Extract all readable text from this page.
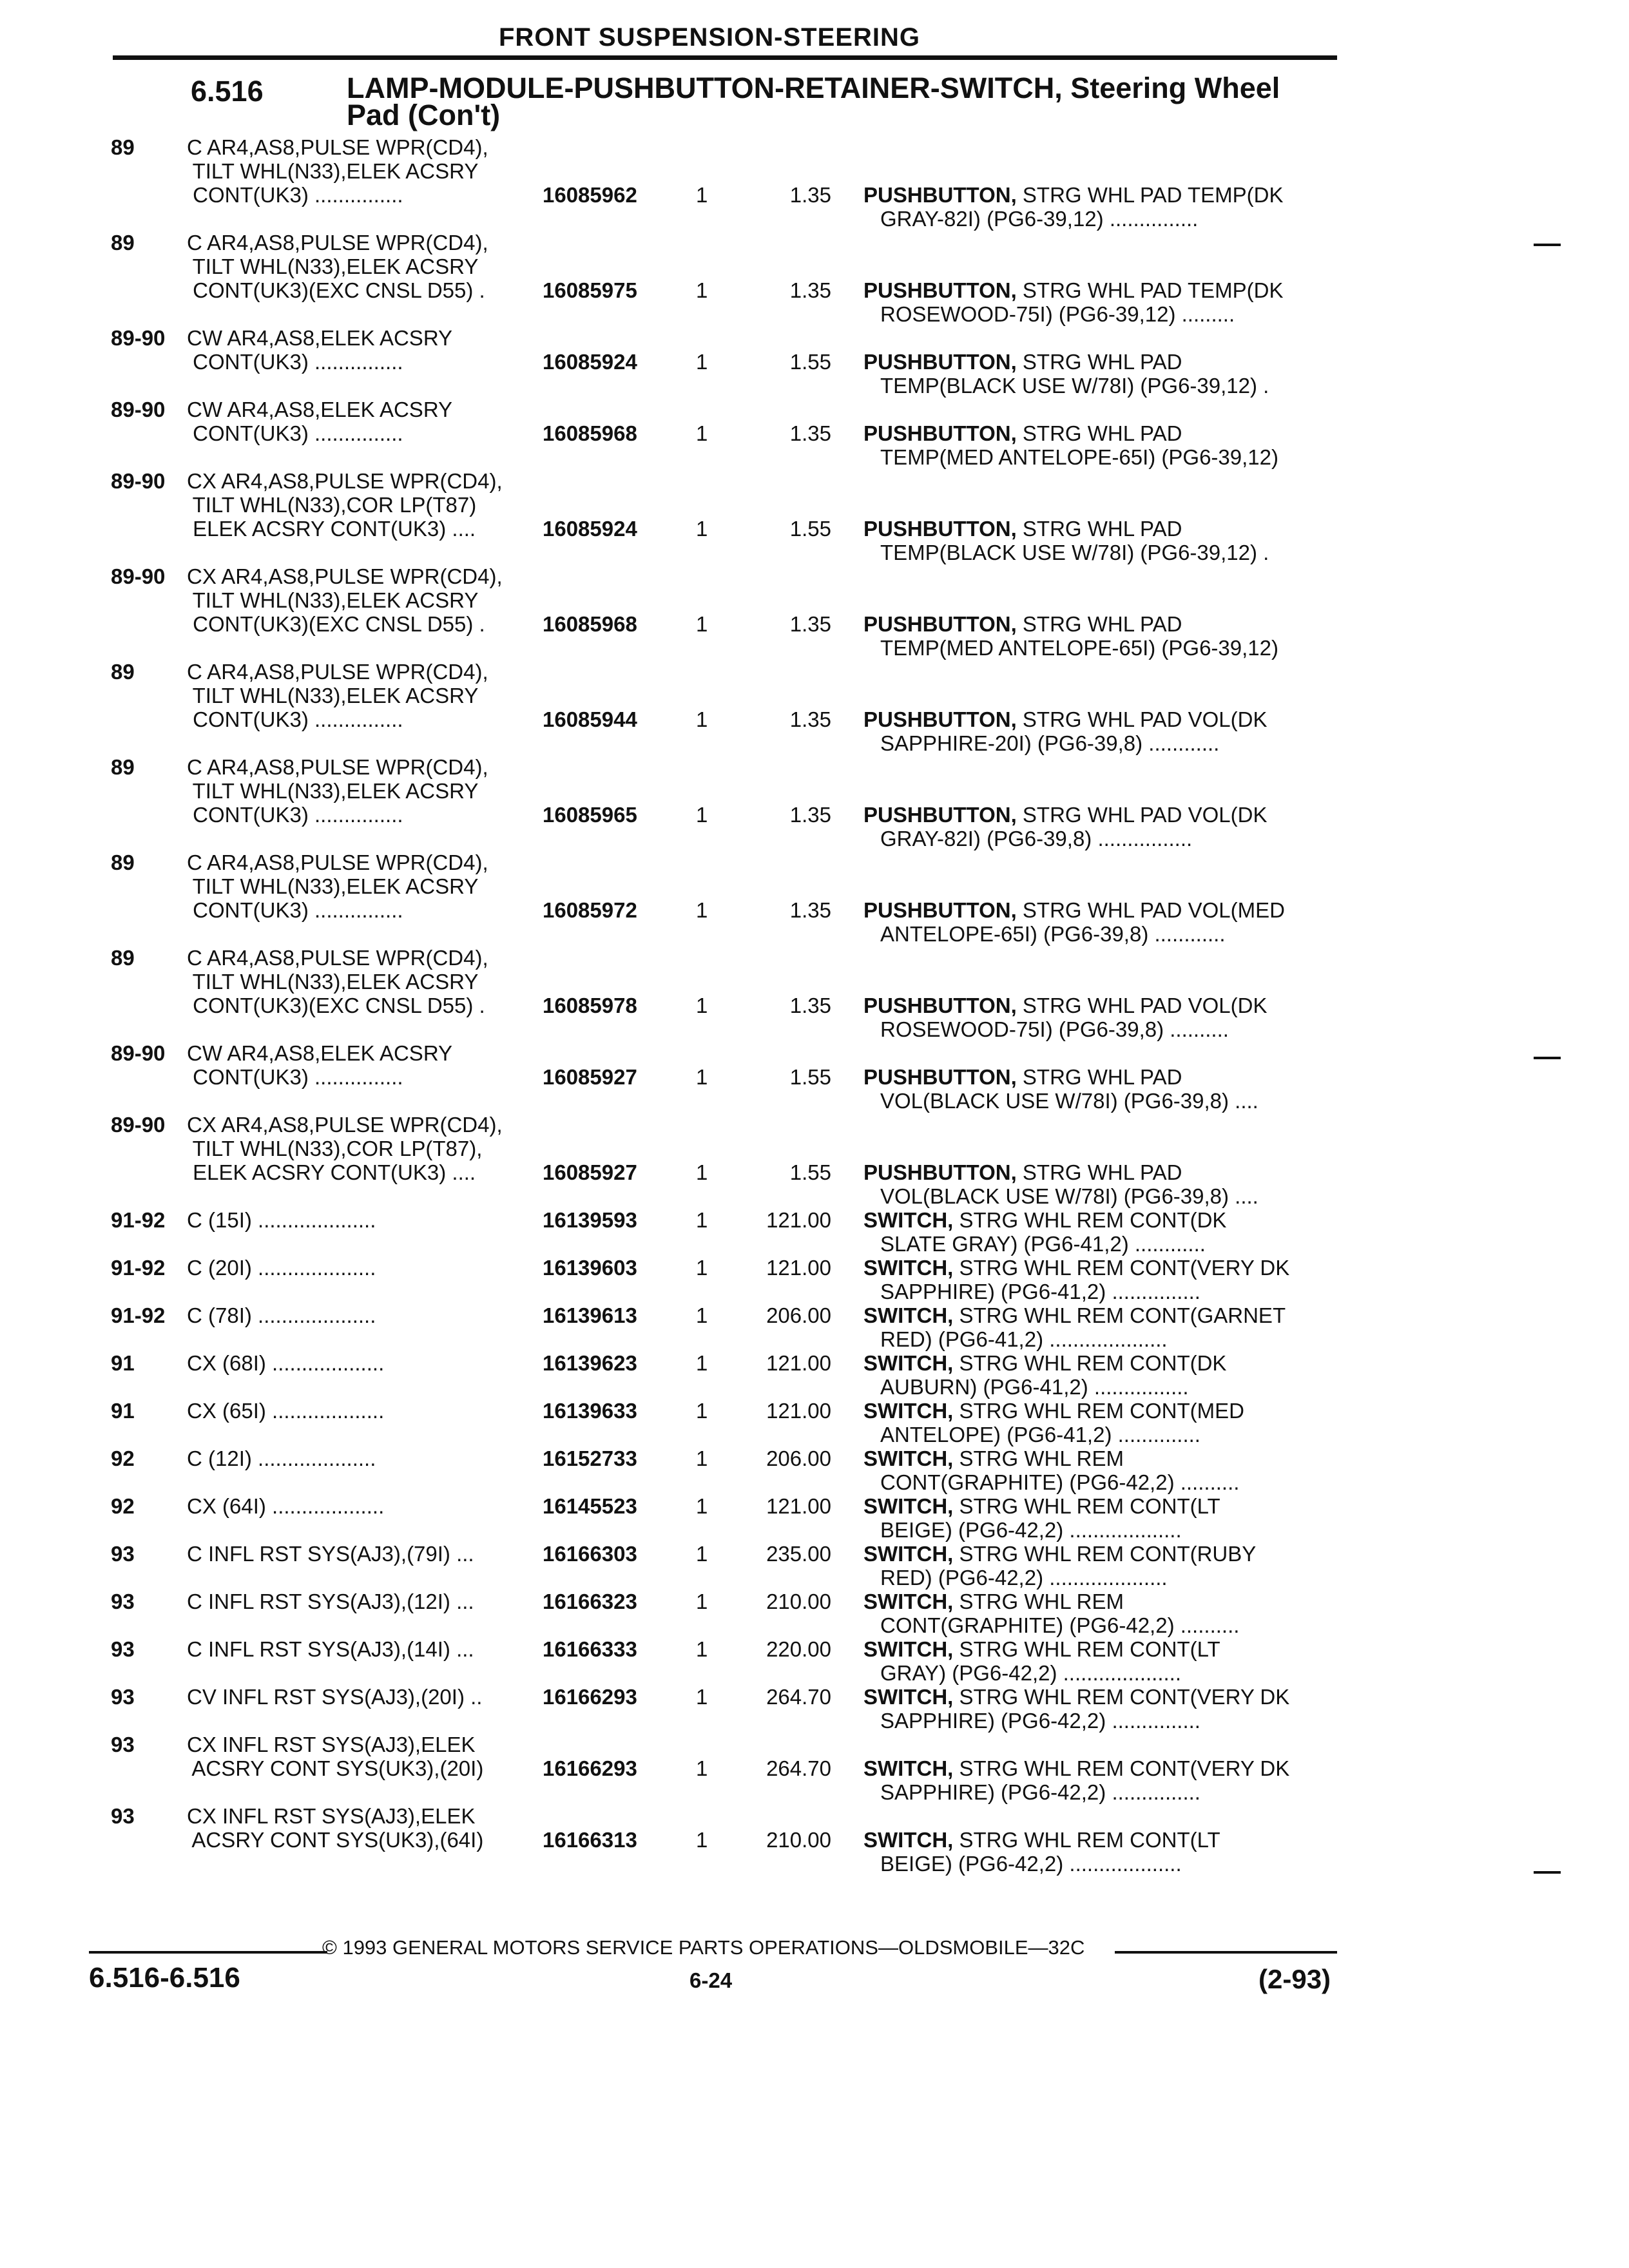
FRONT SUSPENSION-STEERING
6.516	LAMP-MODULE-PUSHBUTTON-RETAINER-SWITCH, Steering Wheel Pad (Con't)
89 C AR4,AS8,PULSE WPR(CD4),
TILT WHL(N33),ELEK ACSRY
CONT(UK3) ...............	16085962	1	1.35 PUSHBUTTON, STRG WHL PAD TEMP(DK
GRAY-82I) (PG6-39,12) ...............
89 C AR4,AS8,PULSE WPR(CD4),
TILT WHL(N33),ELEK ACSRY
CONT(UK3)(EXC CNSL D55) .	16085975	1	1.35 PUSHBUTTON, STRG WHL PAD TEMP(DK
ROSEWOOD-75I) (PG6-39,12) .........
89-90 CW AR4,AS8,ELEK ACSRY
CONT(UK3) ...............	16085924	1	1.55 PUSHBUTTON, STRG WHL PAD
TEMP(BLACK USE W/78I) (PG6-39,12) .
89-90 CW AR4,AS8,ELEK ACSRY
CONT(UK3) ...............	16085968	1	1.35 PUSHBUTTON, STRG WHL PAD
TEMP(MED ANTELOPE-65I) (PG6-39,12)
89-90 CX AR4,AS8,PULSE WPR(CD4),
TILT WHL(N33),COR LP(T87)
ELEK ACSRY CONT(UK3) ....	16085924	1	1.55 PUSHBUTTON, STRG WHL PAD
TEMP(BLACK USE W/78I) (PG6-39,12) .
89-90 CX AR4,AS8,PULSE WPR(CD4),
TILT WHL(N33),ELEK ACSRY
CONT(UK3)(EXC CNSL D55) .	16085968	1	1.35 PUSHBUTTON, STRG WHL PAD
TEMP(MED ANTELOPE-65I) (PG6-39,12)
89 C AR4,AS8,PULSE WPR(CD4),
TILT WHL(N33),ELEK ACSRY
CONT(UK3) ...............	16085944	1	1.35 PUSHBUTTON, STRG WHL PAD VOL(DK
SAPPHIRE-20I) (PG6-39,8) ............
89 C AR4,AS8,PULSE WPR(CD4),
TILT WHL(N33),ELEK ACSRY
CONT(UK3) ...............	16085965	1	1.35 PUSHBUTTON, STRG WHL PAD VOL(DK
GRAY-82I) (PG6-39,8) ................
89 C AR4,AS8,PULSE WPR(CD4),
TILT WHL(N33),ELEK ACSRY
CONT(UK3) ...............	16085972	1	1.35 PUSHBUTTON, STRG WHL PAD VOL(MED
ANTELOPE-65I) (PG6-39,8) ............
89 C AR4,AS8,PULSE WPR(CD4),
TILT WHL(N33),ELEK ACSRY
CONT(UK3)(EXC CNSL D55) .	16085978	1	1.35 PUSHBUTTON, STRG WHL PAD VOL(DK
ROSEWOOD-75I) (PG6-39,8) ..........
89-90 CW AR4,AS8,ELEK ACSRY
CONT(UK3) ...............	16085927	1	1.55 PUSHBUTTON, STRG WHL PAD
VOL(BLACK USE W/78I) (PG6-39,8) ....
89-90 CX AR4,AS8,PULSE WPR(CD4),
TILT WHL(N33),COR LP(T87),
ELEK ACSRY CONT(UK3) ....	16085927	1	1.55 PUSHBUTTON, STRG WHL PAD
VOL(BLACK USE W/78I) (PG6-39,8) ....
91-92 C (15I) ....................	16139593	1	121.00 SWITCH, STRG WHL REM CONT(DK
SLATE GRAY) (PG6-41,2) ............
91-92 C (20I) ....................	16139603	1	121.00 SWITCH, STRG WHL REM CONT(VERY DK
SAPPHIRE) (PG6-41,2) ...............
91-92 C (78I) ....................	16139613	1	206.00 SWITCH, STRG WHL REM CONT(GARNET
RED) (PG6-41,2) ....................
91 CX (68I) ...................	16139623	1	121.00 SWITCH, STRG WHL REM CONT(DK
AUBURN) (PG6-41,2) ................
91 CX (65I) ...................	16139633	1	121.00 SWITCH, STRG WHL REM CONT(MED
ANTELOPE) (PG6-41,2) ..............
92 C (12I) ....................	16152733	1	206.00 SWITCH, STRG WHL REM
CONT(GRAPHITE) (PG6-42,2) ..........
92 CX (64I) ...................	16145523	1	121.00 SWITCH, STRG WHL REM CONT(LT
BEIGE) (PG6-42,2) ...................
93 C INFL RST SYS(AJ3),(79I) ...	16166303	1	235.00 SWITCH, STRG WHL REM CONT(RUBY
RED) (PG6-42,2) ....................
93 C INFL RST SYS(AJ3),(12I) ...	16166323	1	210.00 SWITCH, STRG WHL REM
CONT(GRAPHITE) (PG6-42,2) ..........
93 C INFL RST SYS(AJ3),(14I) ...	16166333	1	220.00 SWITCH, STRG WHL REM CONT(LT
GRAY) (PG6-42,2) ....................
93 CV INFL RST SYS(AJ3),(20I) ..	16166293	1	264.70 SWITCH, STRG WHL REM CONT(VERY DK
SAPPHIRE) (PG6-42,2) ...............
93 CX INFL RST SYS(AJ3),ELEK
ACSRY CONT SYS(UK3),(20I)	16166293	1	264.70 SWITCH, STRG WHL REM CONT(VERY DK
SAPPHIRE) (PG6-42,2) ...............
93 CX INFL RST SYS(AJ3),ELEK
ACSRY CONT SYS(UK3),(64I)	16166313	1	210.00 SWITCH, STRG WHL REM CONT(LT
BEIGE) (PG6-42,2) ...................
© 1993 GENERAL MOTORS SERVICE PARTS OPERATIONS—OLDSMOBILE—32C
6.516-6.516	6-24	(2-93)
